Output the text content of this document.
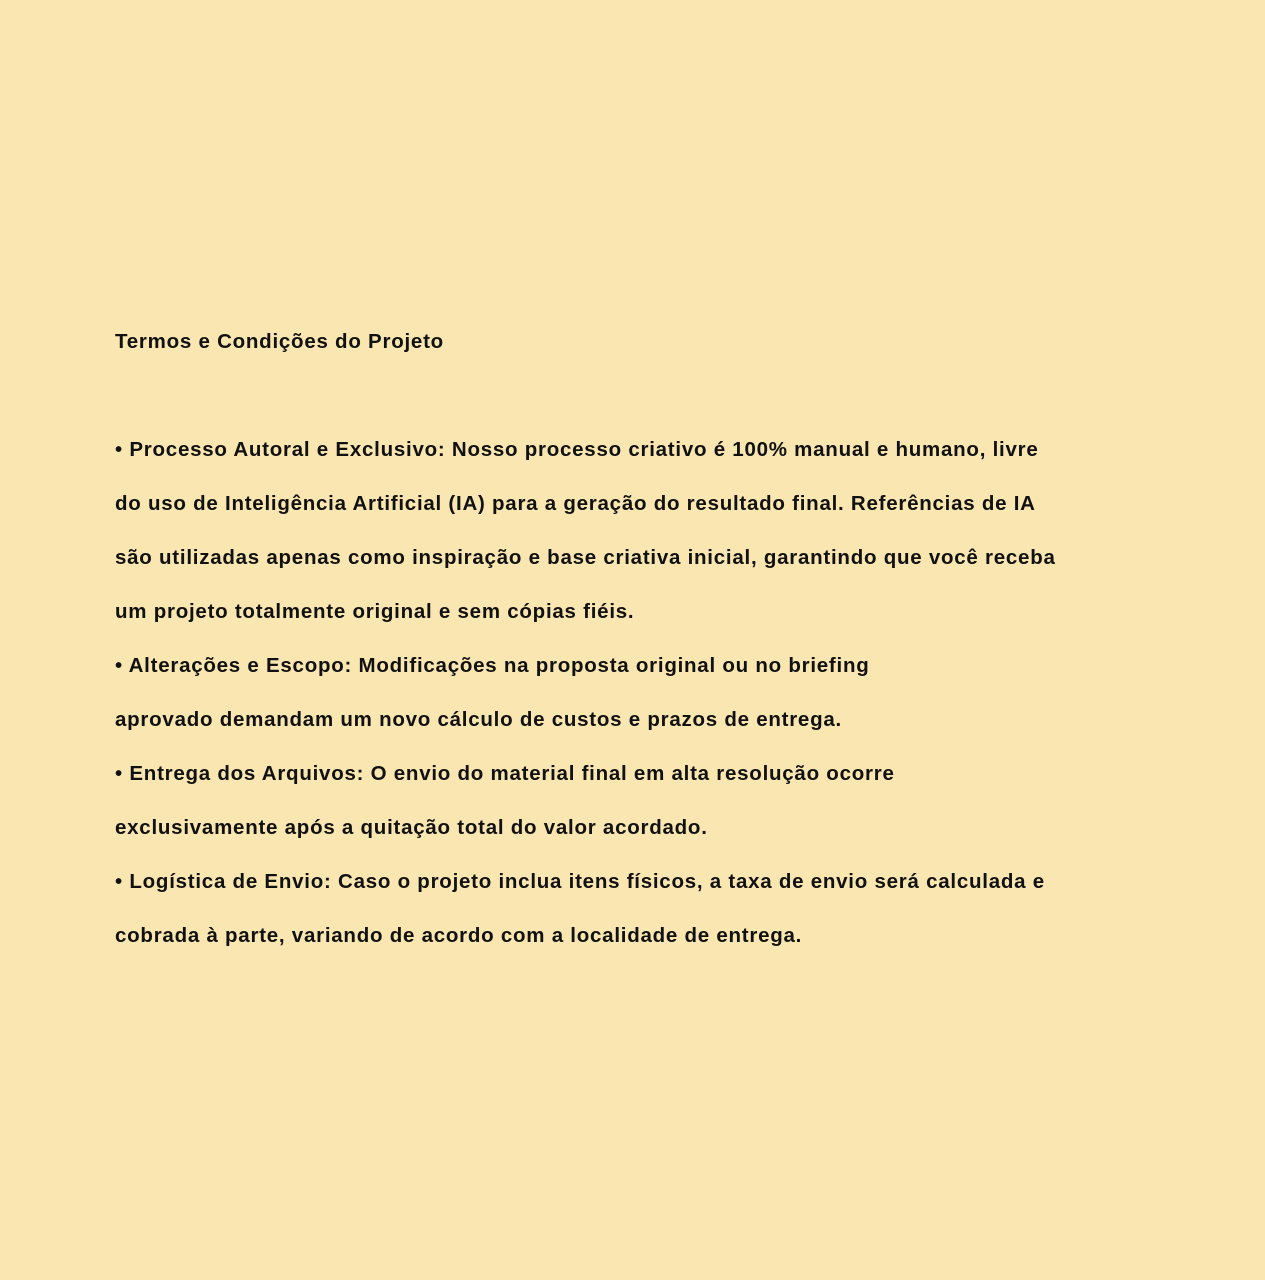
Termos e Condições do Projeto
• Processo Autoral e Exclusivo: Nosso processo criativo é 100% manual e humano, livre
do uso de Inteligência Artificial (IA) para a geração do resultado final. Referências de IA
são utilizadas apenas como inspiração e base criativa inicial, garantindo que você receba
um projeto totalmente original e sem cópias fiéis.
• Alterações e Escopo: Modificações na proposta original ou no briefing
aprovado demandam um novo cálculo de custos e prazos de entrega.
• Entrega dos Arquivos: O envio do material final em alta resolução ocorre
exclusivamente após a quitação total do valor acordado.
• Logística de Envio: Caso o projeto inclua itens físicos, a taxa de envio será calculada e
cobrada à parte, variando de acordo com a localidade de entrega.
